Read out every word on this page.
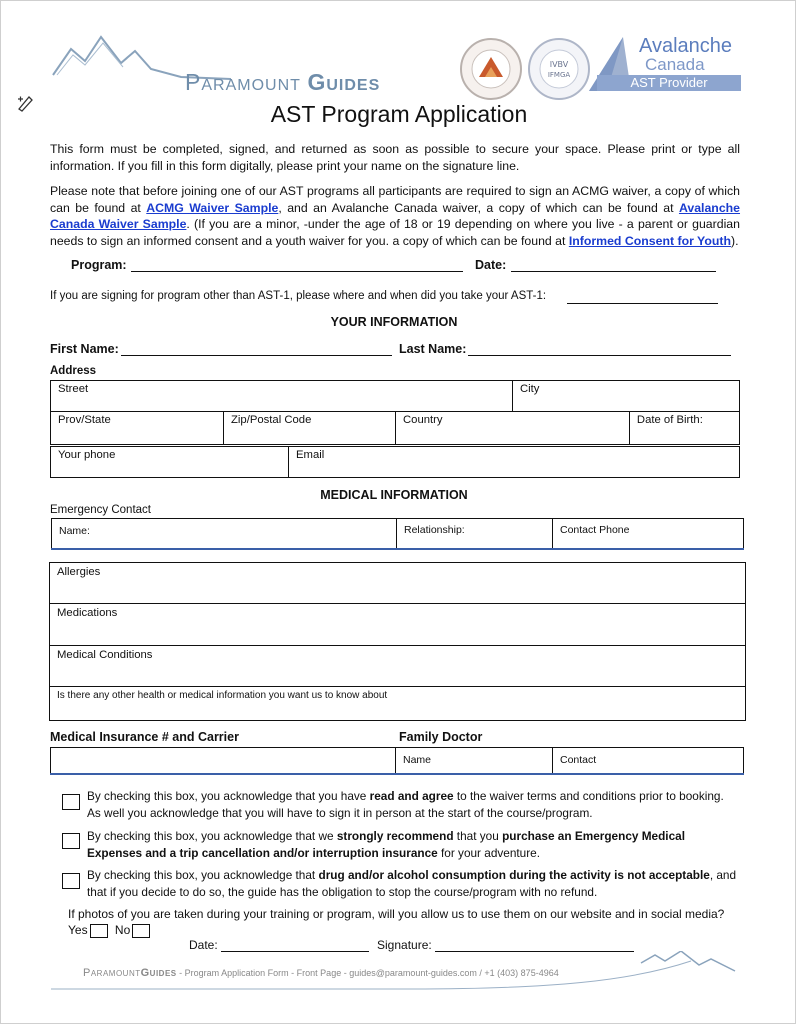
Paramount Guides
IVBV
IFMGA
Avalanche
Canada
AST Provider
AST Program Application
This form must be completed, signed, and returned as soon as possible to secure your space. Please print or type all information. If you fill in this form digitally, please print your name on the signature line.
Please note that before joining one of our AST programs all participants are required to sign an ACMG waiver, a copy of which can be found at ACMG Waiver Sample, and an Avalanche Canada waiver, a copy of which can be found at Avalanche Canada Waiver Sample. (If you are a minor, -under the age of 18 or 19 depending on where you live - a parent or guardian needs to sign an informed consent and a youth waiver for you. a copy of which can be found at Informed Consent for Youth).
Program:	Date:
If you are signing for program other than AST-1, please where and when did you take your AST-1:
YOUR INFORMATION
First Name:	Last Name:
Address
Street			City	
Prov/State	Zip/Postal Code	Country		Date of Birth:
Your phone	Email
MEDICAL INFORMATION
Emergency Contact
Name:	Relationship:	Contact Phone
Allergies
Medications
Medical Conditions
Is there any other health or medical information you want us to know about
Medical Insurance # and Carrier	Family Doctor
	Name	Contact
By checking this box, you acknowledge that you have read and agree to the waiver terms and conditions prior to booking. As well you acknowledge that you will have to sign it in person at the start of the course/program.
By checking this box, you acknowledge that we strongly recommend that you purchase an Emergency Medical Expenses and a trip cancellation and/or interruption insurance for your adventure.
By checking this box, you acknowledge that drug and/or alcohol consumption during the activity is not acceptable, and that if you decide to do so, the guide has the obligation to stop the course/program with no refund.
If photos of you are taken during your training or program, will you allow us to use them on our website and in social media?
Yes No
Date:	Signature:
ParamountGuides - Program Application Form - Front Page - guides@paramount-guides.com / +1 (403) 875-4964
